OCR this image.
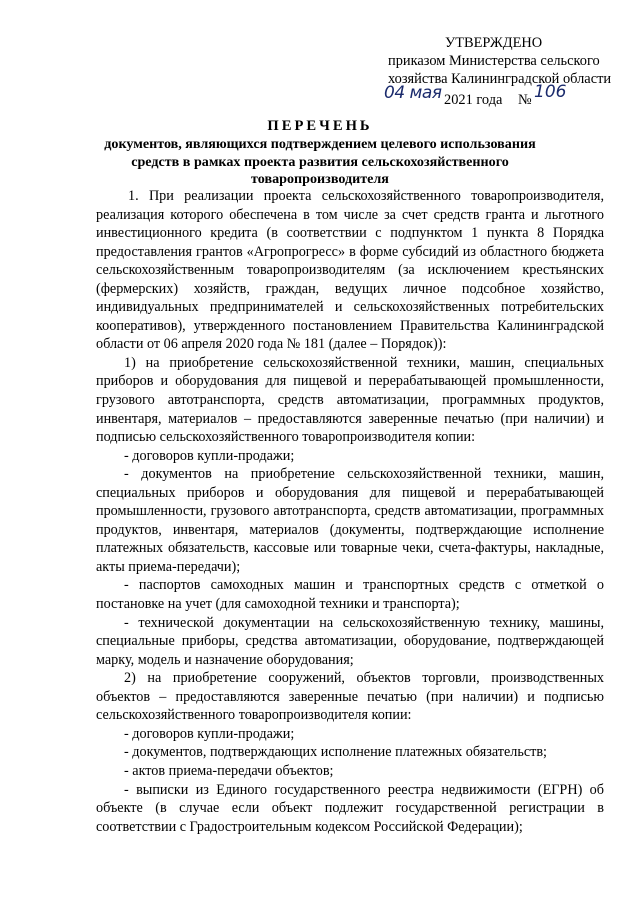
УТВЕРЖДЕНО
приказом Министерства сельского
хозяйства Калининградской области
04 мая 2021 года № 106
ПЕРЕЧЕНЬ
документов, являющихся подтверждением целевого использования средств в рамках проекта развития сельскохозяйственного товаропроизводителя

1. При реализации проекта сельскохозяйственного товаропроизводителя, реализация которого обеспечена в том числе за счет средств гранта и льготного инвестиционного кредита (в соответствии с подпунктом 1 пункта 8 Порядка предоставления грантов «Агропрогресс» в форме субсидий из областного бюджета сельскохозяйственным товаропроизводителям (за исключением крестьянских (фермерских) хозяйств, граждан, ведущих личное подсобное хозяйство, индивидуальных предпринимателей и сельскохозяйственных потребительских кооперативов), утвержденного постановлением Правительства Калининградской области от 06 апреля 2020 года № 181 (далее – Порядок)):

1) на приобретение сельскохозяйственной техники, машин, специальных приборов и оборудования для пищевой и перерабатывающей промышленности, грузового автотранспорта, средств автоматизации, программных продуктов, инвентаря, материалов – предоставляются заверенные печатью (при наличии) и подписью сельскохозяйственного товаропроизводителя копии:

- договоров купли-продажи;

- документов на приобретение сельскохозяйственной техники, машин, специальных приборов и оборудования для пищевой и перерабатывающей промышленности, грузового автотранспорта, средств автоматизации, программных продуктов, инвентаря, материалов (документы, подтверждающие исполнение платежных обязательств, кассовые или товарные чеки, счета-фактуры, накладные, акты приема-передачи);

- паспортов самоходных машин и транспортных средств с отметкой о постановке на учет (для самоходной техники и транспорта);

- технической документации на сельскохозяйственную технику, машины, специальные приборы, средства автоматизации, оборудование, подтверждающей марку, модель и назначение оборудования;

2) на приобретение сооружений, объектов торговли, производственных объектов – предоставляются заверенные печатью (при наличии) и подписью сельскохозяйственного товаропроизводителя копии:

- договоров купли-продажи;

- документов, подтверждающих исполнение платежных обязательств;

- актов приема-передачи объектов;

- выписки из Единого государственного реестра недвижимости (ЕГРН) об объекте (в случае если объект подлежит государственной регистрации в соответствии с Градостроительным кодексом Российской Федерации);
